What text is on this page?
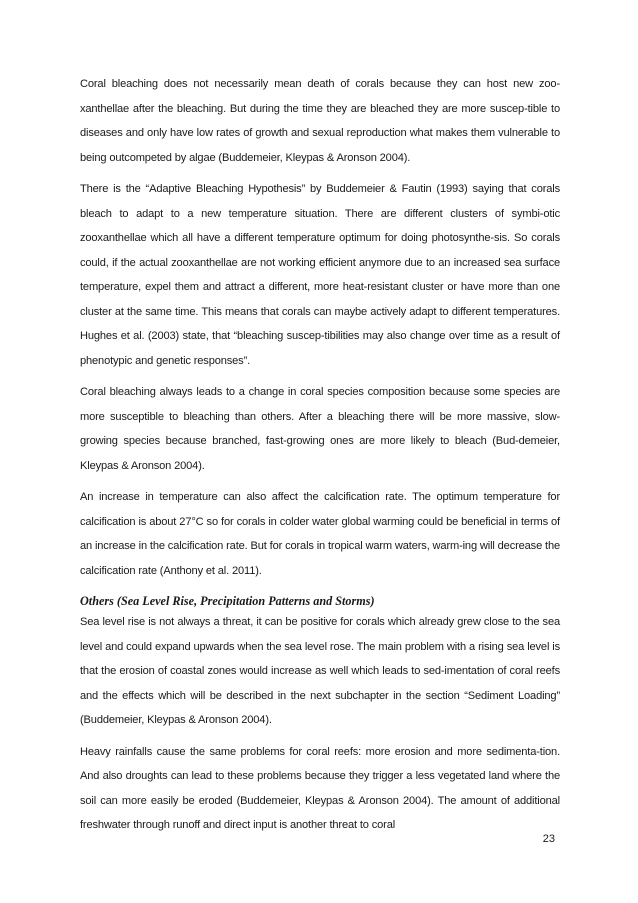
Coral bleaching does not necessarily mean death of corals because they can host new zoo-xanthellae after the bleaching. But during the time they are bleached they are more suscep-tible to diseases and only have low rates of growth and sexual reproduction what makes them vulnerable to being outcompeted by algae (Buddemeier, Kleypas & Aronson 2004).

There is the “Adaptive Bleaching Hypothesis” by Buddemeier & Fautin (1993) saying that corals bleach to adapt to a new temperature situation. There are different clusters of symbi-otic zooxanthellae which all have a different temperature optimum for doing photosynthe-sis. So corals could, if the actual zooxanthellae are not working efficient anymore due to an increased sea surface temperature, expel them and attract a different, more heat-resistant cluster or have more than one cluster at the same time. This means that corals can maybe actively adapt to different temperatures. Hughes et al. (2003) state, that “bleaching suscep-tibilities may also change over time as a result of phenotypic and genetic responses”.

Coral bleaching always leads to a change in coral species composition because some species are more susceptible to bleaching than others. After a bleaching there will be more massive, slow-growing species because branched, fast-growing ones are more likely to bleach (Bud-demeier, Kleypas & Aronson 2004).

An increase in temperature can also affect the calcification rate. The optimum temperature for calcification is about 27°C so for corals in colder water global warming could be beneficial in terms of an increase in the calcification rate. But for corals in tropical warm waters, warm-ing will decrease the calcification rate (Anthony et al. 2011).

Others (Sea Level Rise, Precipitation Patterns and Storms)

Sea level rise is not always a threat, it can be positive for corals which already grew close to the sea level and could expand upwards when the sea level rose. The main problem with a rising sea level is that the erosion of coastal zones would increase as well which leads to sed-imentation of coral reefs and the effects which will be described in the next subchapter in the section “Sediment Loading” (Buddemeier, Kleypas & Aronson 2004).

Heavy rainfalls cause the same problems for coral reefs: more erosion and more sedimenta-tion. And also droughts can lead to these problems because they trigger a less vegetated land where the soil can more easily be eroded (Buddemeier, Kleypas & Aronson 2004). The amount of additional freshwater through runoff and direct input is another threat to coral

23
